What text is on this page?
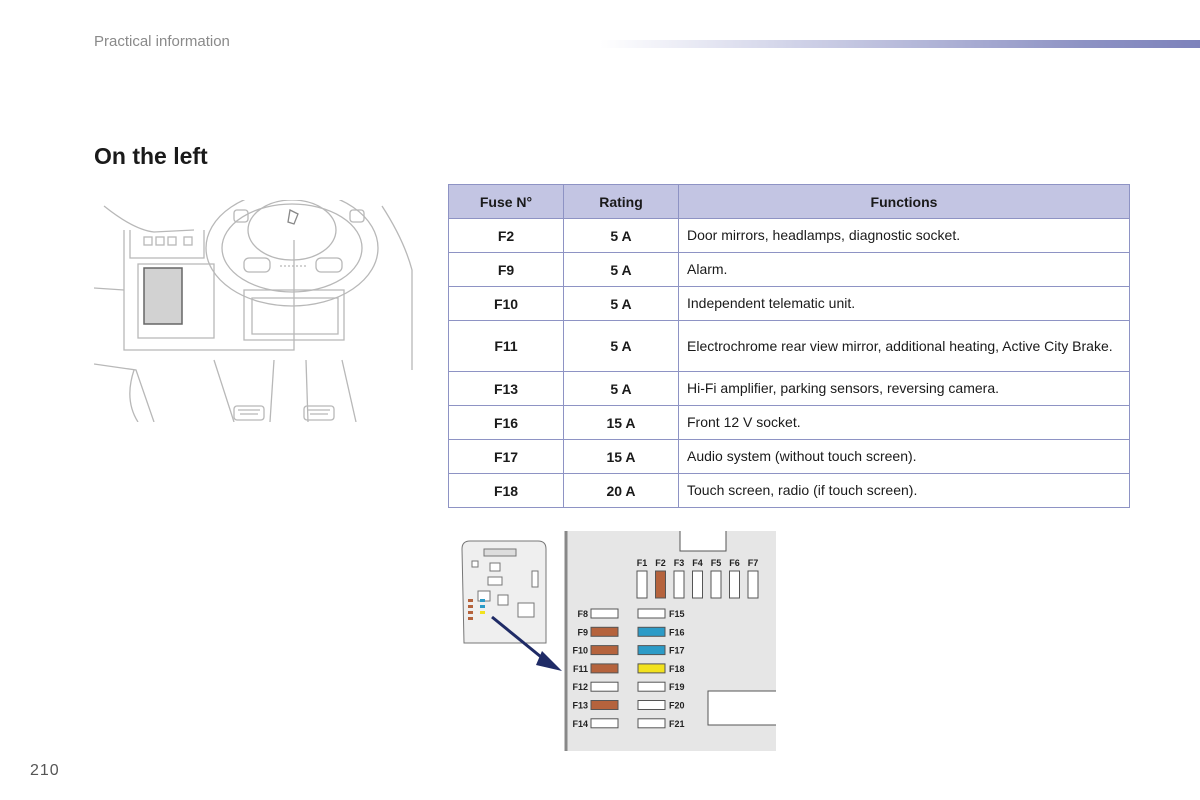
Practical information
On the left
Fuse N°	Rating	Functions
F2	5 A	Door mirrors, headlamps, diagnostic socket.
F9	5 A	Alarm.
F10	5 A	Independent telematic unit.
F11	5 A	Electrochrome rear view mirror, additional heating, Active City Brake.
F13	5 A	Hi-Fi amplifier, parking sensors, reversing camera.
F16	15 A	Front 12 V socket.
F17	15 A	Audio system (without touch screen).
F18	20 A	Touch screen, radio (if touch screen).
F1 F2 F3 F4 F5 F6 F7
F8
F9
F10
F11
F12
F13
F14
F15
F16
F17
F18
F19
F20
F21
210
